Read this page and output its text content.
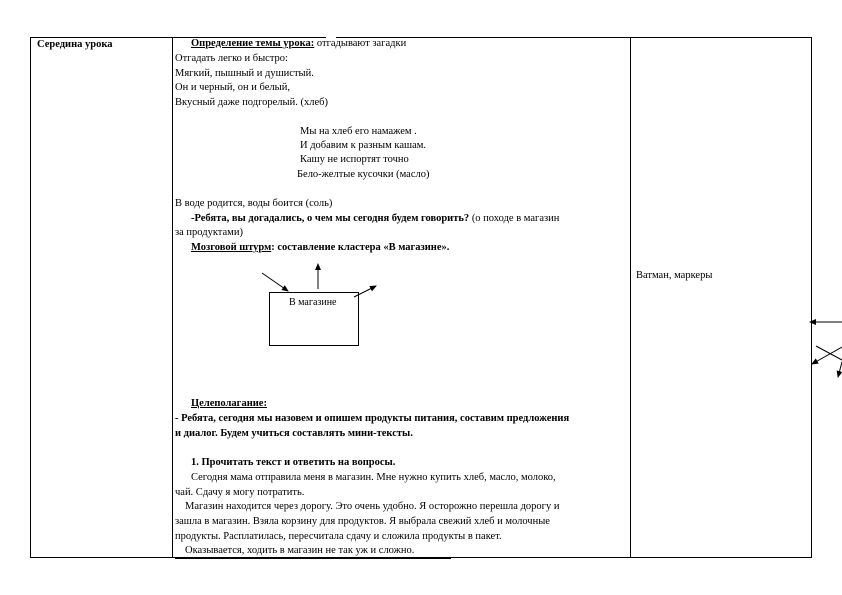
Середина урока	Определение темы урока: отгадывают загадки
Отгадать легко и быстро:
Мягкий, пышный и душистый.
Он и черный, он и белый,
Вкусный даже подгорелый. (хлеб)
Мы на хлеб его намажем .
И добавим к разным кашам.
Кашу не испортят точно
Бело-желтые кусочки (масло)
В воде родится, воды боится (соль)
-Ребята, вы догадались, о чем мы сегодня будем говорить? (о походе в магазин
за продуктами)
Мозговой штурм: составление кластера «В магазине».
В магазине
Целеполагание:
- Ребята, сегодня мы назовем и опишем продукты питания, составим предложения
и диалог. Будем учиться составлять мини-тексты.
1. Прочитать текст и ответить на вопросы.
Сегодня мама отправила меня в магазин. Мне нужно купить хлеб, масло, молоко,
чай. Сдачу я могу потратить.
Магазин находится через дорогу. Это очень удобно. Я осторожно перешла дорогу и
зашла в магазин. Взяла корзину для продуктов. Я выбрала свежий хлеб и молочные
продукты. Расплатилась, пересчитала сдачу и сложила продукты в пакет.
Оказывается, ходить в магазин не так уж и сложно.
Ватман, маркеры
